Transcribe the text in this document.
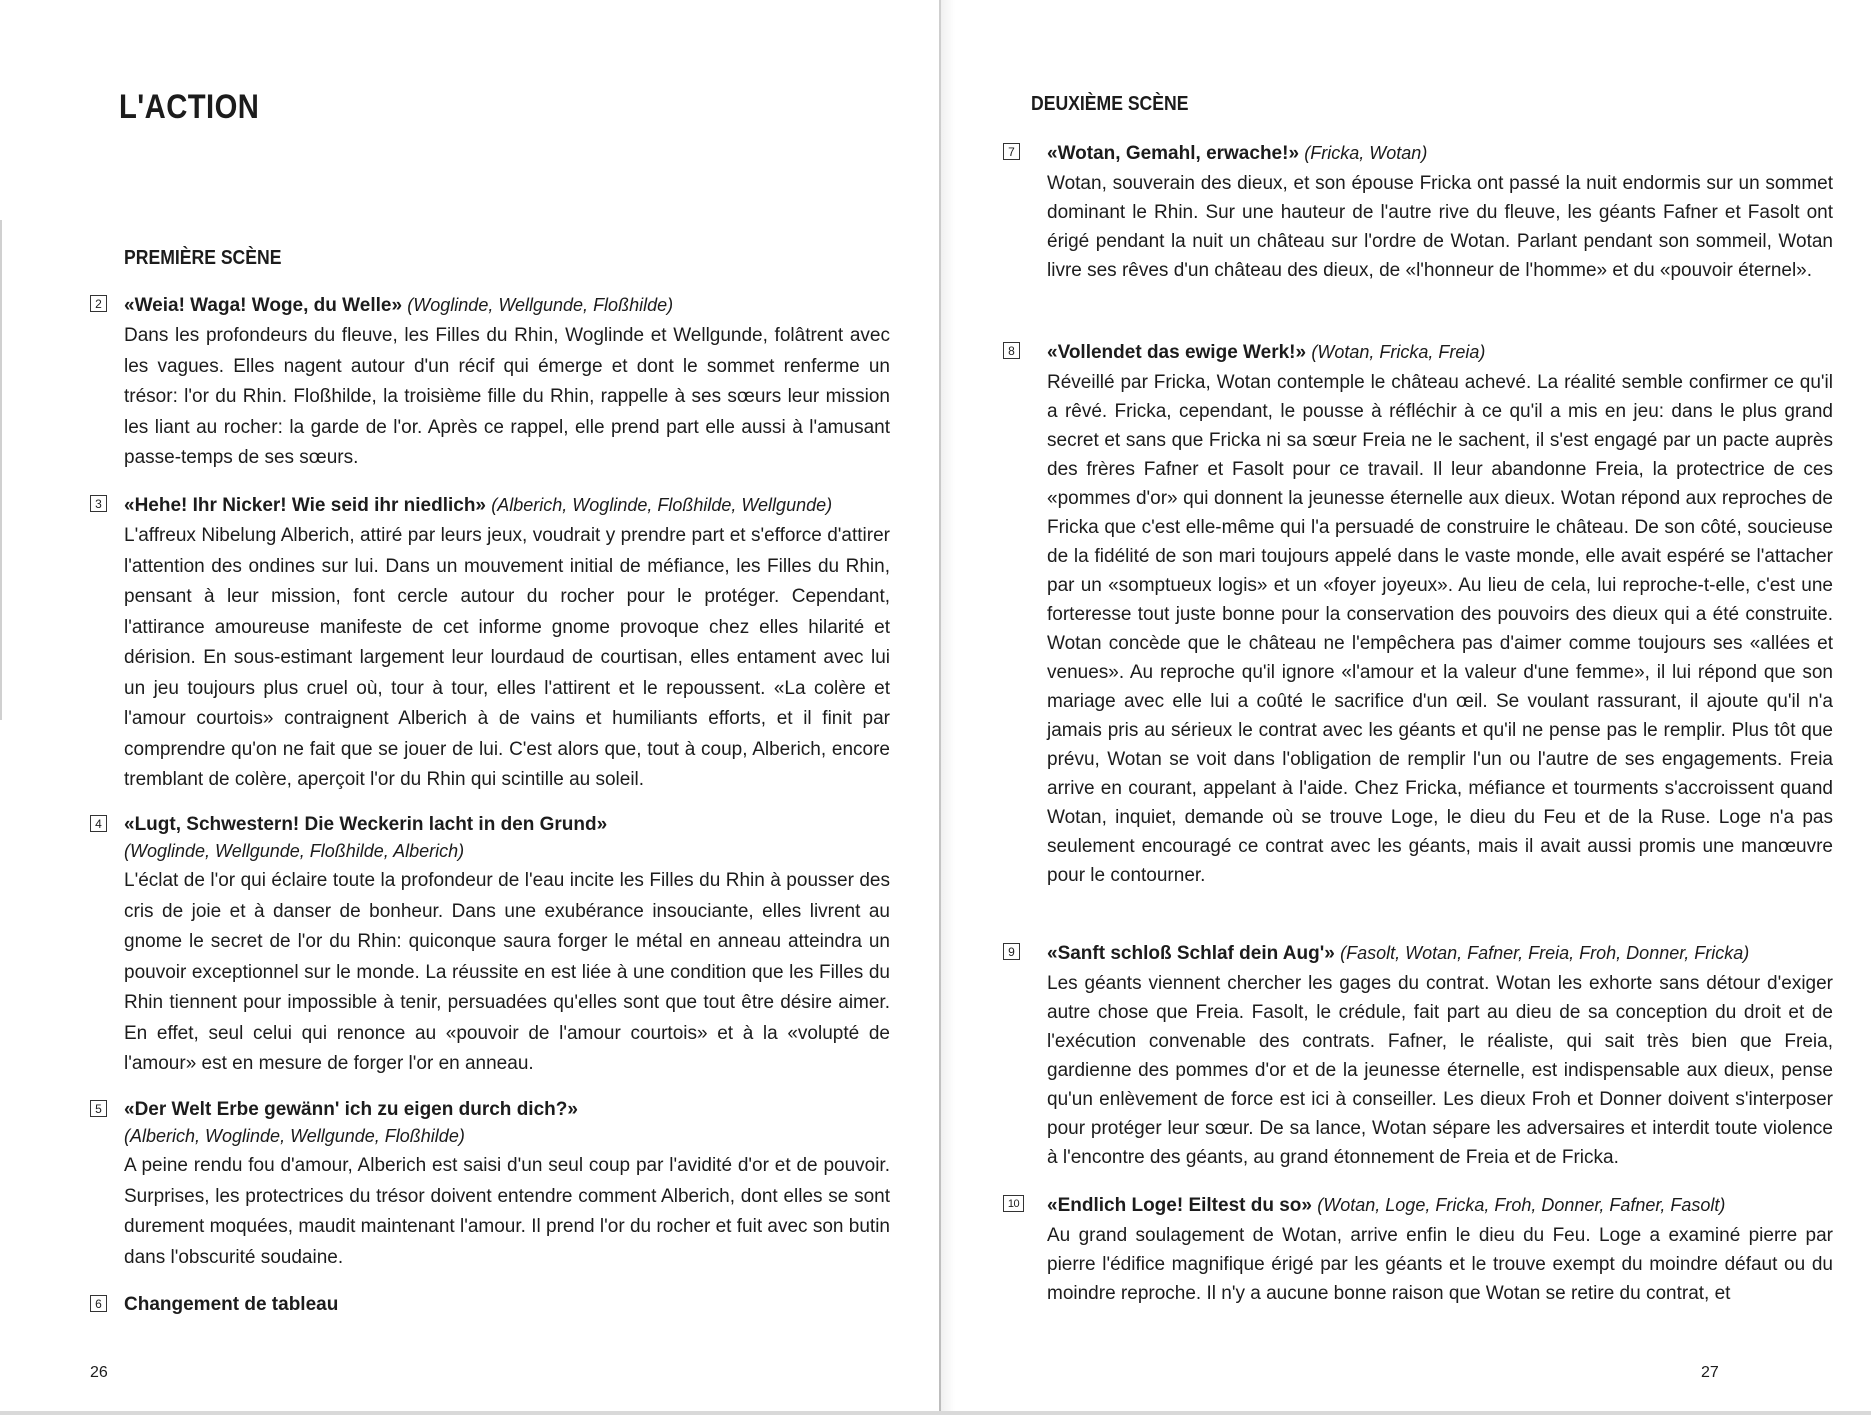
L'ACTION
PREMIÈRE SCÈNE
2 «Weia! Waga! Woge, du Welle» (Woglinde, Wellgunde, Floßhilde)

Dans les profondeurs du fleuve, les Filles du Rhin, Woglinde et Wellgunde, folâtrent avec les vagues. Elles nagent autour d'un récif qui émerge et dont le sommet renferme un trésor: l'or du Rhin. Floßhilde, la troisième fille du Rhin, rappelle à ses sœurs leur mission les liant au rocher: la garde de l'or. Après ce rappel, elle prend part elle aussi à l'amusant passe-temps de ses sœurs.

3 «Hehe! Ihr Nicker! Wie seid ihr niedlich» (Alberich, Woglinde, Floßhilde, Wellgunde)

L'affreux Nibelung Alberich, attiré par leurs jeux, voudrait y prendre part et s'efforce d'attirer l'attention des ondines sur lui. Dans un mouvement initial de méfiance, les Filles du Rhin, pensant à leur mission, font cercle autour du rocher pour le protéger. Cependant, l'attirance amoureuse manifeste de cet informe gnome provoque chez elles hilarité et dérision. En sous-estimant largement leur lourdaud de courtisan, elles entament avec lui un jeu toujours plus cruel où, tour à tour, elles l'attirent et le repoussent. «La colère et l'amour courtois» contraignent Alberich à de vains et humiliants efforts, et il finit par comprendre qu'on ne fait que se jouer de lui. C'est alors que, tout à coup, Alberich, encore tremblant de colère, aperçoit l'or du Rhin qui scintille au soleil.

4 «Lugt, Schwestern! Die Weckerin lacht in den Grund»
(Woglinde, Wellgunde, Floßhilde, Alberich)

L'éclat de l'or qui éclaire toute la profondeur de l'eau incite les Filles du Rhin à pousser des cris de joie et à danser de bonheur. Dans une exubérance insouciante, elles livrent au gnome le secret de l'or du Rhin: quiconque saura forger le métal en anneau atteindra un pouvoir exceptionnel sur le monde. La réussite en est liée à une condition que les Filles du Rhin tiennent pour impossible à tenir, persuadées qu'elles sont que tout être désire aimer. En effet, seul celui qui renonce au «pouvoir de l'amour courtois» et à la «volupté de l'amour» est en mesure de forger l'or en anneau.

5 «Der Welt Erbe gewänn' ich zu eigen durch dich?»
(Alberich, Woglinde, Wellgunde, Floßhilde)

A peine rendu fou d'amour, Alberich est saisi d'un seul coup par l'avidité d'or et de pouvoir. Surprises, les protectrices du trésor doivent entendre comment Alberich, dont elles se sont durement moquées, maudit maintenant l'amour. Il prend l'or du rocher et fuit avec son butin dans l'obscurité soudaine.

6 Changement de tableau
26
DEUXIÈME SCÈNE
7 «Wotan, Gemahl, erwache!» (Fricka, Wotan)

Wotan, souverain des dieux, et son épouse Fricka ont passé la nuit endormis sur un sommet dominant le Rhin. Sur une hauteur de l'autre rive du fleuve, les géants Fafner et Fasolt ont érigé pendant la nuit un château sur l'ordre de Wotan. Parlant pendant son sommeil, Wotan livre ses rêves d'un château des dieux, de «l'honneur de l'homme» et du «pouvoir éternel».

8 «Vollendet das ewige Werk!» (Wotan, Fricka, Freia)

Réveillé par Fricka, Wotan contemple le château achevé. La réalité semble confirmer ce qu'il a rêvé. Fricka, cependant, le pousse à réfléchir à ce qu'il a mis en jeu: dans le plus grand secret et sans que Fricka ni sa sœur Freia ne le sachent, il s'est engagé par un pacte auprès des frères Fafner et Fasolt pour ce travail. Il leur abandonne Freia, la protectrice de ces «pommes d'or» qui donnent la jeunesse éternelle aux dieux. Wotan répond aux reproches de Fricka que c'est elle-même qui l'a persuadé de construire le château. De son côté, soucieuse de la fidélité de son mari toujours appelé dans le vaste monde, elle avait espéré se l'attacher par un «somptueux logis» et un «foyer joyeux». Au lieu de cela, lui reproche-t-elle, c'est une forteresse tout juste bonne pour la conservation des pouvoirs des dieux qui a été construite. Wotan concède que le château ne l'empêchera pas d'aimer comme toujours ses «allées et venues». Au reproche qu'il ignore «l'amour et la valeur d'une femme», il lui répond que son mariage avec elle lui a coûté le sacrifice d'un œil. Se voulant rassurant, il ajoute qu'il n'a jamais pris au sérieux le contrat avec les géants et qu'il ne pense pas le remplir. Plus tôt que prévu, Wotan se voit dans l'obligation de remplir l'un ou l'autre de ses engagements. Freia arrive en courant, appelant à l'aide. Chez Fricka, méfiance et tourments s'accroissent quand Wotan, inquiet, demande où se trouve Loge, le dieu du Feu et de la Ruse. Loge n'a pas seulement encouragé ce contrat avec les géants, mais il avait aussi promis une manœuvre pour le contourner.

9 «Sanft schloß Schlaf dein Aug'» (Fasolt, Wotan, Fafner, Freia, Froh, Donner, Fricka)

Les géants viennent chercher les gages du contrat. Wotan les exhorte sans détour d'exiger autre chose que Freia. Fasolt, le crédule, fait part au dieu de sa conception du droit et de l'exécution convenable des contrats. Fafner, le réaliste, qui sait très bien que Freia, gardienne des pommes d'or et de la jeunesse éternelle, est indispensable aux dieux, pense qu'un enlèvement de force est ici à conseiller. Les dieux Froh et Donner doivent s'interposer pour protéger leur sœur. De sa lance, Wotan sépare les adversaires et interdit toute violence à l'encontre des géants, au grand étonnement de Freia et de Fricka.

10 «Endlich Loge! Eiltest du so» (Wotan, Loge, Fricka, Froh, Donner, Fafner, Fasolt)

Au grand soulagement de Wotan, arrive enfin le dieu du Feu. Loge a examiné pierre par pierre l'édifice magnifique érigé par les géants et le trouve exempt du moindre défaut ou du moindre reproche. Il n'y a aucune bonne raison que Wotan se retire du contrat, et

27
